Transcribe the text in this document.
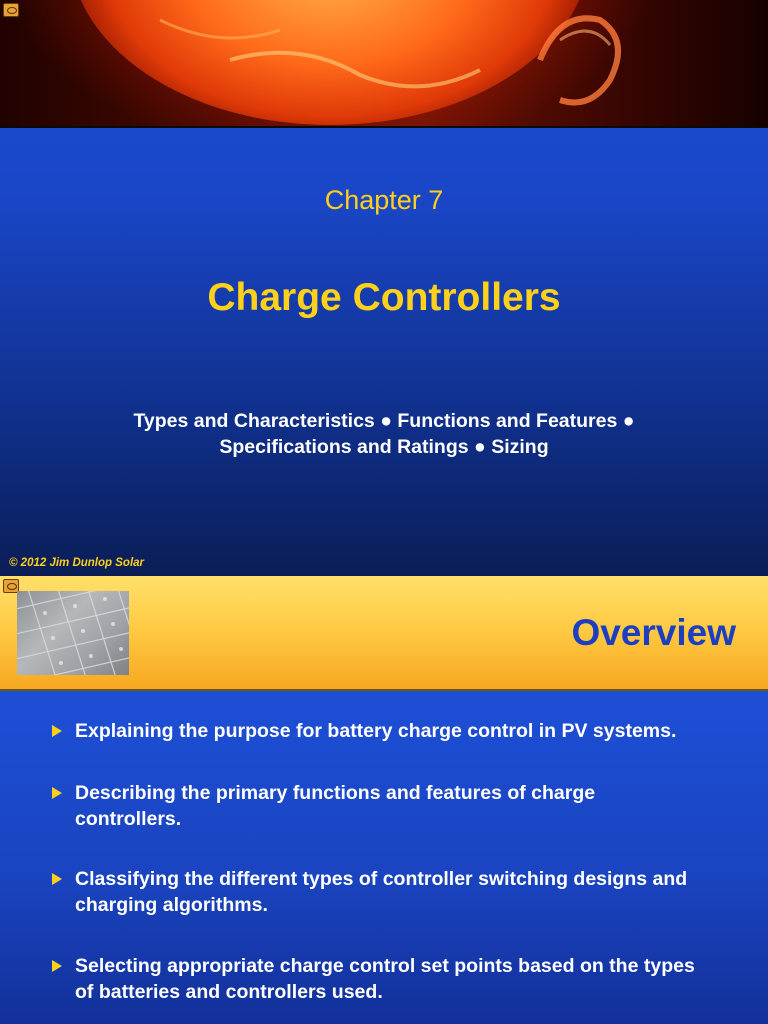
Chapter 7
Charge Controllers
Types and Characteristics ● Functions and Features ●
Specifications and Ratings ● Sizing
© 2012 Jim Dunlop Solar
Overview
Explaining the purpose for battery charge control in PV systems.
Describing the primary functions and features of charge controllers.
Classifying the different types of controller switching designs and charging algorithms.
Selecting appropriate charge control set points based on the types of batteries and controllers used.
